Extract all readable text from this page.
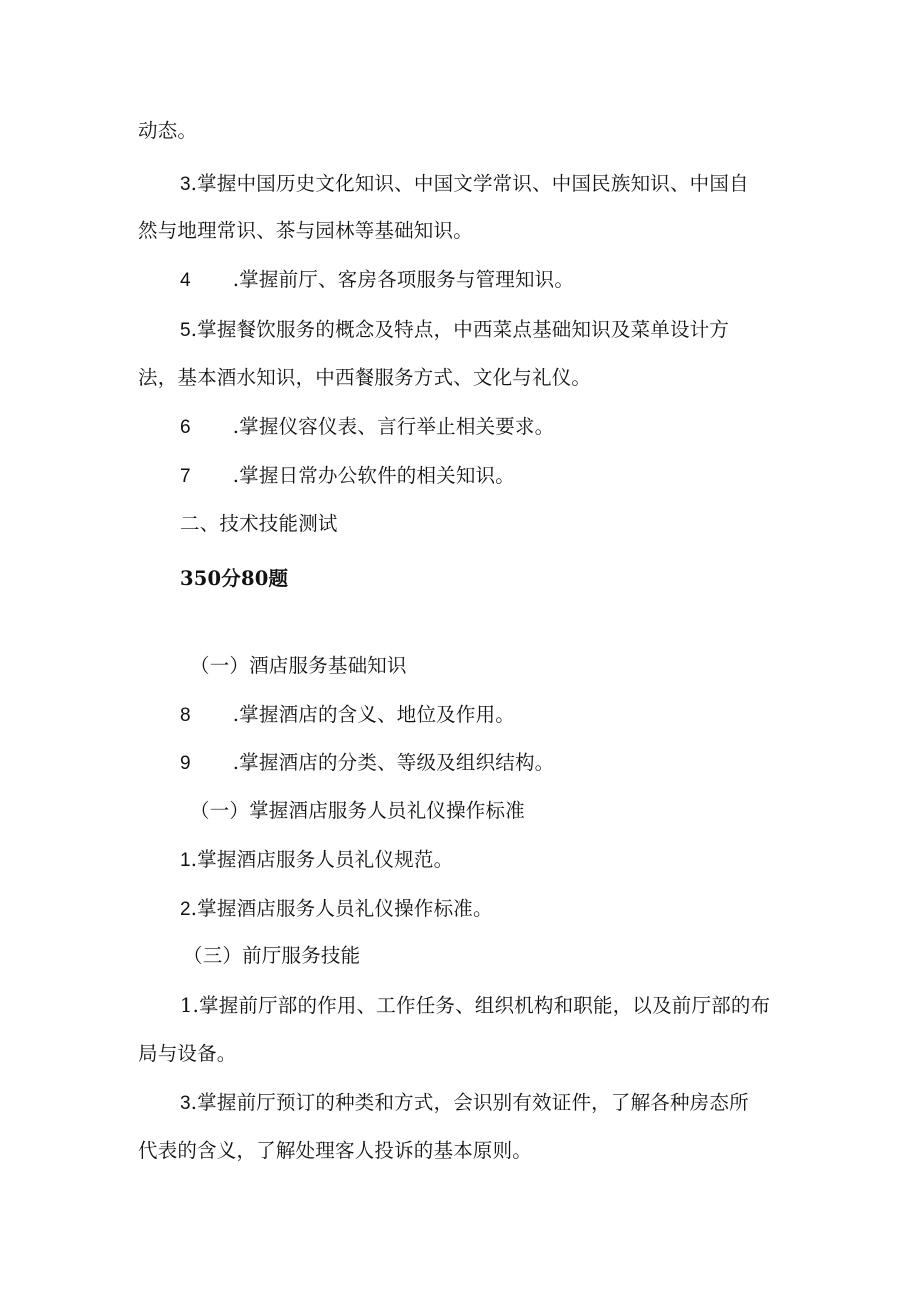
动态。
3.掌握中国历史文化知识、中国文学常识、中国民族知识、中国自
然与地理常识、茶与园林等基础知识。
4 .掌握前厅、客房各项服务与管理知识。
5.掌握餐饮服务的概念及特点，中西菜点基础知识及菜单设计方
法，基本酒水知识，中西餐服务方式、文化与礼仪。
6 .掌握仪容仪表、言行举止相关要求。
7 .掌握日常办公软件的相关知识。
二、技术技能测试
350分80题
（一）酒店服务基础知识
8 .掌握酒店的含义、地位及作用。
9 .掌握酒店的分类、等级及组织结构。
（一）掌握酒店服务人员礼仪操作标准
1.掌握酒店服务人员礼仪规范。
2.掌握酒店服务人员礼仪操作标准。
（三）前厅服务技能
1.掌握前厅部的作用、工作任务、组织机构和职能，以及前厅部的布
局与设备。
3.掌握前厅预订的种类和方式，会识别有效证件，了解各种房态所
代表的含义，了解处理客人投诉的基本原则。
